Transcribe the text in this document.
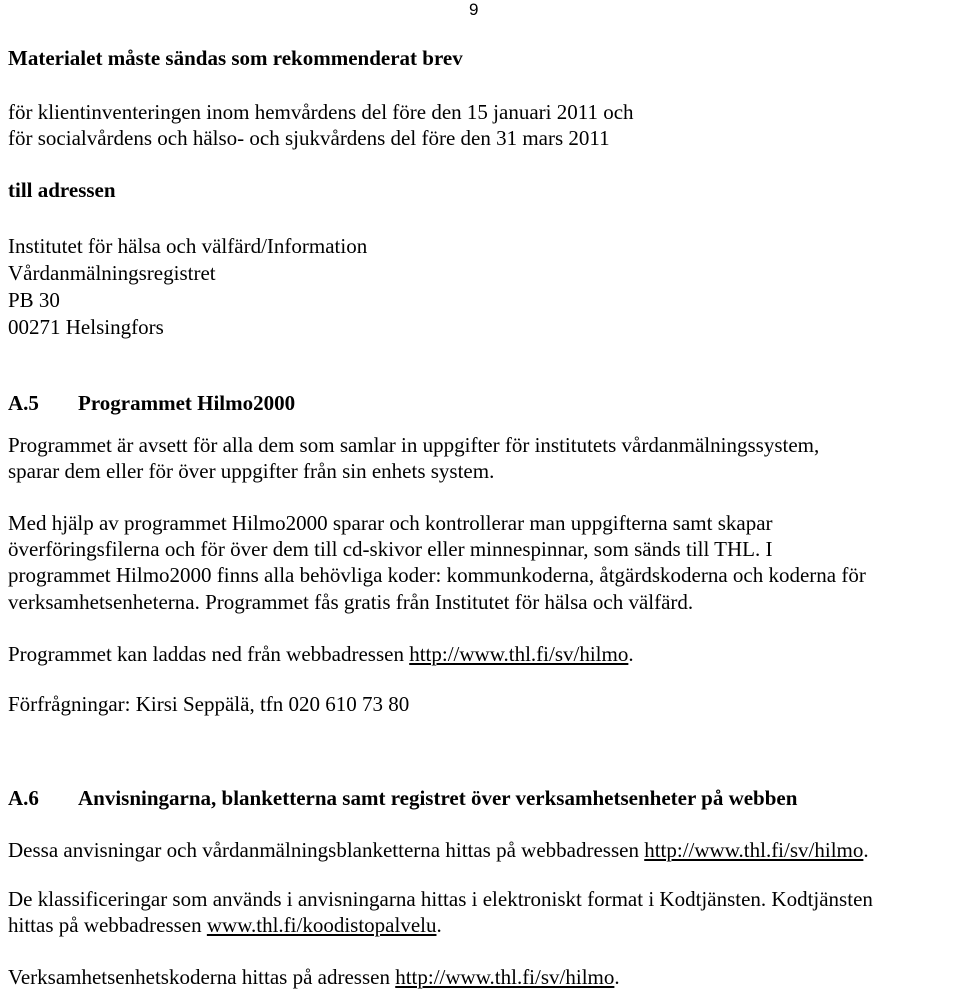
9
Materialet måste sändas som rekommenderat brev
för klientinventeringen inom hemvårdens del före den 15 januari 2011 och
för socialvårdens och hälso- och sjukvårdens del före den 31 mars 2011
till adressen
Institutet för hälsa och välfärd/Information
Vårdanmälningsregistret
PB 30
00271 Helsingfors
A.5 Programmet Hilmo2000
Programmet är avsett för alla dem som samlar in uppgifter för institutets vårdanmälningssystem,
sparar dem eller för över uppgifter från sin enhets system.
Med hjälp av programmet Hilmo2000 sparar och kontrollerar man uppgifterna samt skapar
överföringsfilerna och för över dem till cd-skivor eller minnespinnar, som sänds till THL. I
programmet Hilmo2000 finns alla behövliga koder: kommunkoderna, åtgärdskoderna och koderna för
verksamhetsenheterna. Programmet fås gratis från Institutet för hälsa och välfärd.
Programmet kan laddas ned från webbadressen http://www.thl.fi/sv/hilmo.
Förfrågningar: Kirsi Seppälä, tfn 020 610 73 80
A.6 Anvisningarna, blanketterna samt registret över verksamhetsenheter på webben
Dessa anvisningar och vårdanmälningsblanketterna hittas på webbadressen http://www.thl.fi/sv/hilmo.
De klassificeringar som används i anvisningarna hittas i elektroniskt format i Kodtjänsten. Kodtjänsten
hittas på webbadressen www.thl.fi/koodistopalvelu.
Verksamhetsenhetskoderna hittas på adressen http://www.thl.fi/sv/hilmo.
